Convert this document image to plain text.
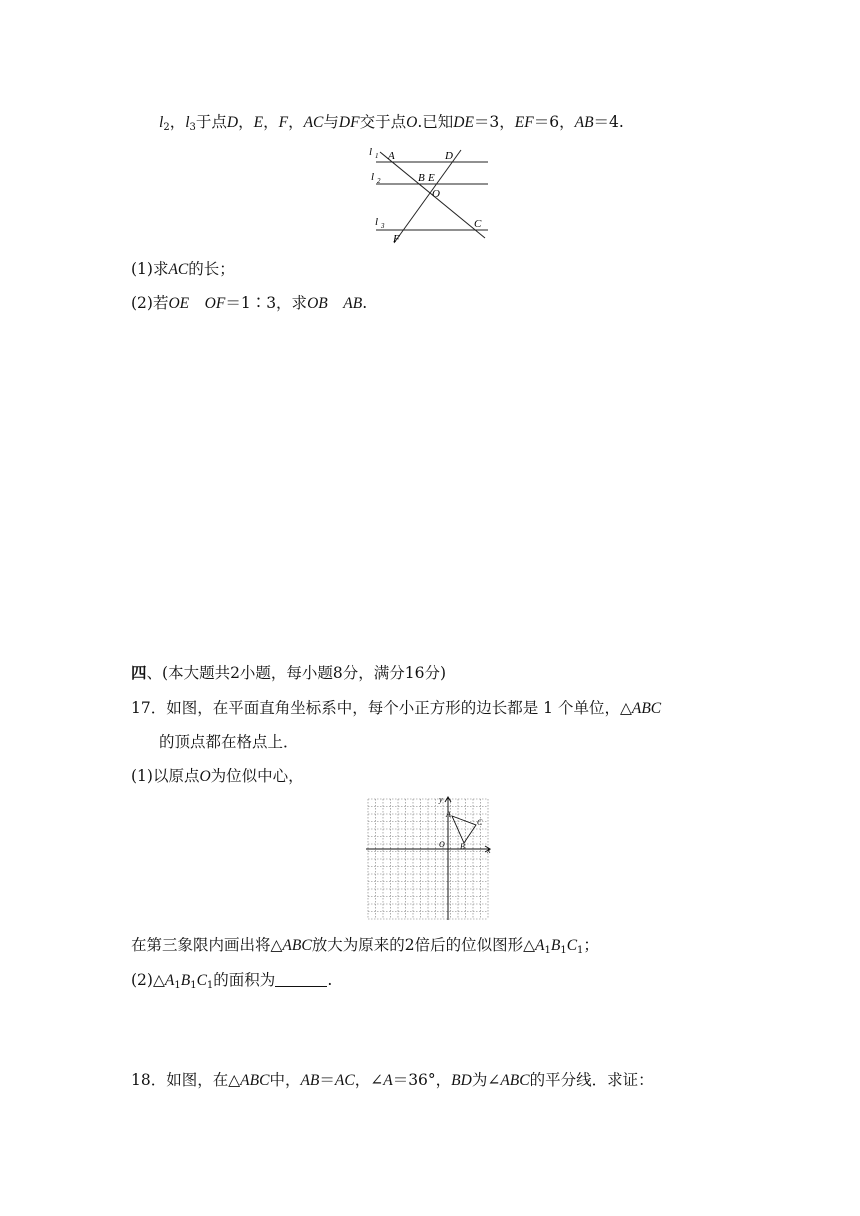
$l_2$，$l_3$于点D，E，F，AC与DF交于点O.已知DE＝3，EF＝6，AB＝4.
l 1 A	D
l 2	B E
O
l 3	C
F
(1)求AC的长；
(2)若OE　 OF＝1∶3，求OB　 AB.
四、(本大题共2小题，每小题8分，满分16分)
17．如图，在平面直角坐标系中，每个小正方形的边长都是 1 个单位，△ABC
的顶点都在格点上．
(1)以原点O为位似中心，
y
A
C
O B	x
在第三象限内画出将△ABC放大为原来的2倍后的位似图形$\triangle A_1B_1C_1$；
$(2)\triangle A_1B_1C_1$的面积为	.
18．如图，在△ABC中，AB＝AC，∠A＝36°，BD为∠ABC的平分线．求证：
